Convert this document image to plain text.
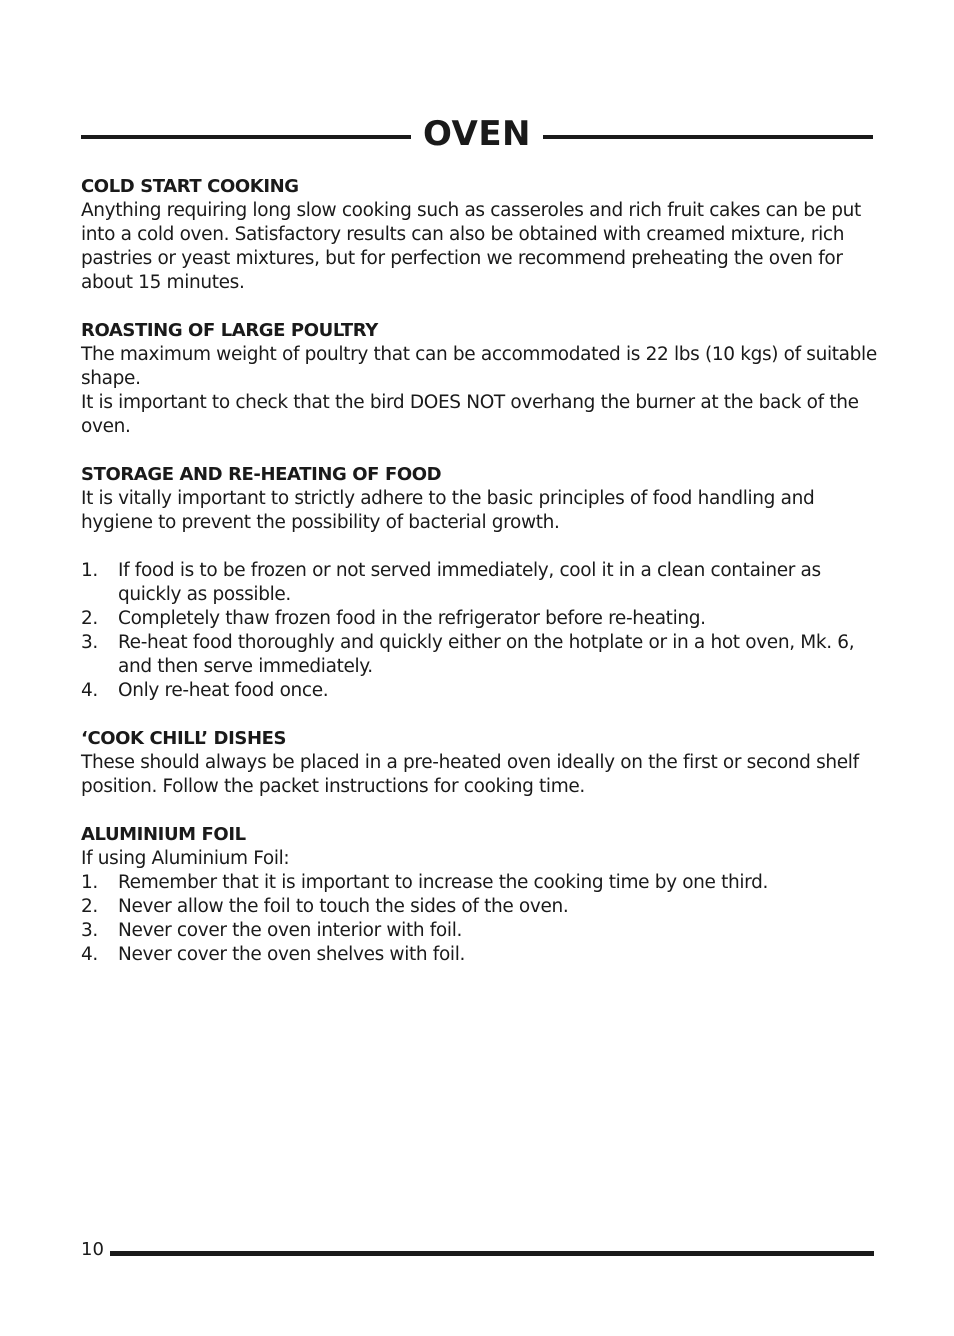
OVEN
COLD START COOKING

Anything requiring long slow cooking such as casseroles and rich fruit cakes can be put into a cold oven. Satisfactory results can also be obtained with creamed mixture, rich pastries or yeast mixtures, but for perfection we recommend preheating the oven for about 15 minutes.

ROASTING OF LARGE POULTRY

The maximum weight of poultry that can be accommodated is 22 lbs (10 kgs) of suitable shape.

It is important to check that the bird DOES NOT overhang the burner at the back of the oven.

STORAGE AND RE-HEATING OF FOOD

It is vitally important to strictly adhere to the basic principles of food handling and hygiene to prevent the possibility of bacterial growth.

1.	If food is to be frozen or not served immediately, cool it in a clean container as quickly as possible.
2.	Completely thaw frozen food in the refrigerator before re-heating.
3.	Re-heat food thoroughly and quickly either on the hotplate or in a hot oven, Mk. 6, and then serve immediately.
4.	Only re-heat food once.
‘COOK CHILL’ DISHES

These should always be placed in a pre-heated oven ideally on the first or second shelf position. Follow the packet instructions for cooking time.

ALUMINIUM FOIL

If using Aluminium Foil:

1.	Remember that it is important to increase the cooking time by one third.
2.	Never allow the foil to touch the sides of the oven.
3.	Never cover the oven interior with foil.
4.	Never cover the oven shelves with foil.
10
